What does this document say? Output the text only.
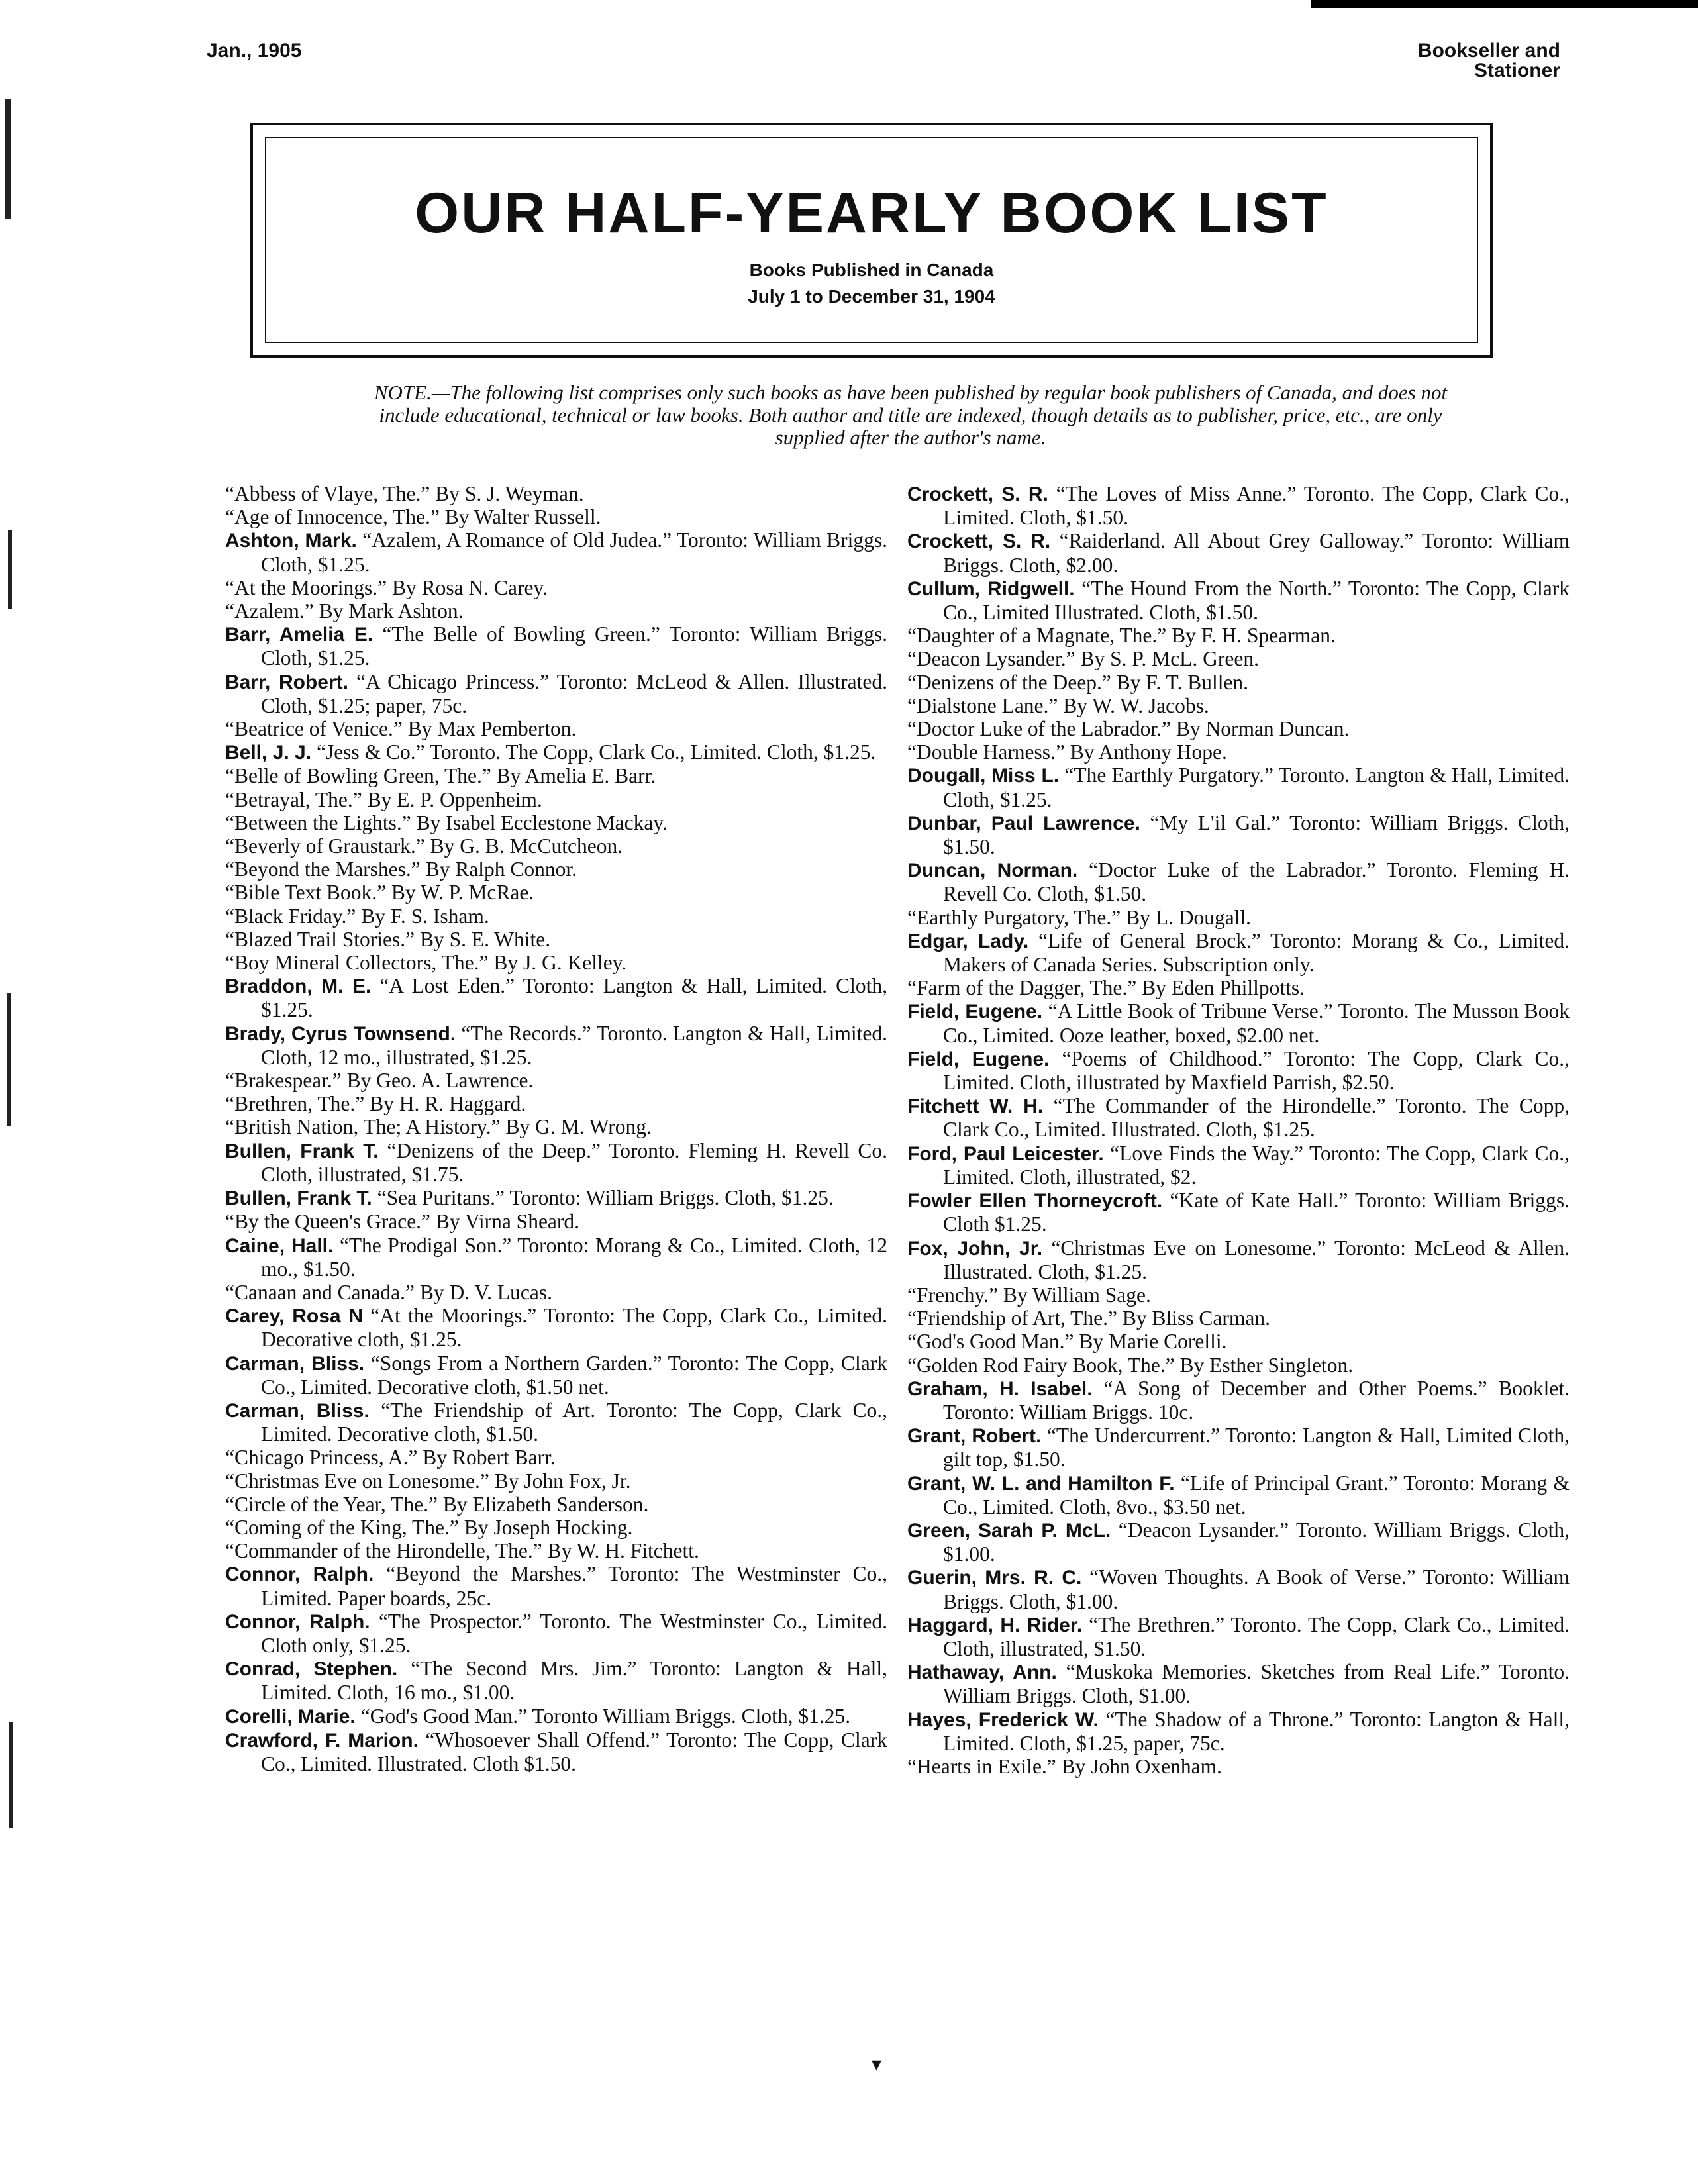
Jan., 1905	Bookseller and
Stationer
OUR HALF-YEARLY BOOK LIST
Books Published in Canada
July 1 to December 31, 1904
NOTE.—The following list comprises only such books as have been published by regular book publishers of Canada, and does not include educational, technical or law books. Both author and title are indexed, though details as to publisher, price, etc., are only supplied after the author's name.

“Abbess of Vlaye, The.” By S. J. Weyman.

“Age of Innocence, The.” By Walter Russell.

Ashton, Mark. “Azalem, A Romance of Old Judea.” Toronto: William Briggs. Cloth, $1.25.

“At the Moorings.” By Rosa N. Carey.

“Azalem.” By Mark Ashton.

Barr, Amelia E. “The Belle of Bowling Green.” Toronto: William Briggs. Cloth, $1.25.

Barr, Robert. “A Chicago Princess.” Toronto: McLeod & Allen. Illustrated. Cloth, $1.25; paper, 75c.

“Beatrice of Venice.” By Max Pemberton.

Bell, J. J. “Jess & Co.” Toronto. The Copp, Clark Co., Limited. Cloth, $1.25.

“Belle of Bowling Green, The.” By Amelia E. Barr.

“Betrayal, The.” By E. P. Oppenheim.

“Between the Lights.” By Isabel Ecclestone Mackay.

“Beverly of Graustark.” By G. B. McCutcheon.

“Beyond the Marshes.” By Ralph Connor.

“Bible Text Book.” By W. P. McRae.

“Black Friday.” By F. S. Isham.

“Blazed Trail Stories.” By S. E. White.

“Boy Mineral Collectors, The.” By J. G. Kelley.

Braddon, M. E. “A Lost Eden.” Toronto: Langton & Hall, Limited. Cloth, $1.25.

Brady, Cyrus Townsend. “The Records.” Toronto. Langton & Hall, Limited. Cloth, 12 mo., illustrated, $1.25.

“Brakespear.” By Geo. A. Lawrence.

“Brethren, The.” By H. R. Haggard.

“British Nation, The; A History.” By G. M. Wrong.

Bullen, Frank T. “Denizens of the Deep.” Toronto. Fleming H. Revell Co. Cloth, illustrated, $1.75.

Bullen, Frank T. “Sea Puritans.” Toronto: William Briggs. Cloth, $1.25.

“By the Queen's Grace.” By Virna Sheard.

Caine, Hall. “The Prodigal Son.” Toronto: Morang & Co., Limited. Cloth, 12 mo., $1.50.

“Canaan and Canada.” By D. V. Lucas.

Carey, Rosa N “At the Moorings.” Toronto: The Copp, Clark Co., Limited. Decorative cloth, $1.25.

Carman, Bliss. “Songs From a Northern Garden.” Toronto: The Copp, Clark Co., Limited. Decorative cloth, $1.50 net.

Carman, Bliss. “The Friendship of Art. Toronto: The Copp, Clark Co., Limited. Decorative cloth, $1.50.

“Chicago Princess, A.” By Robert Barr.

“Christmas Eve on Lonesome.” By John Fox, Jr.

“Circle of the Year, The.” By Elizabeth Sanderson.

“Coming of the King, The.” By Joseph Hocking.

“Commander of the Hirondelle, The.” By W. H. Fitchett.

Connor, Ralph. “Beyond the Marshes.” Toronto: The Westminster Co., Limited. Paper boards, 25c.

Connor, Ralph. “The Prospector.” Toronto. The Westminster Co., Limited. Cloth only, $1.25.

Conrad, Stephen. “The Second Mrs. Jim.” Toronto: Langton & Hall, Limited. Cloth, 16 mo., $1.00.

Corelli, Marie. “God's Good Man.” Toronto William Briggs. Cloth, $1.25.

Crawford, F. Marion. “Whosoever Shall Offend.” Toronto: The Copp, Clark Co., Limited. Illustrated. Cloth $1.50.

Crockett, S. R. “The Loves of Miss Anne.” Toronto. The Copp, Clark Co., Limited. Cloth, $1.50.

Crockett, S. R. “Raiderland. All About Grey Galloway.” Toronto: William Briggs. Cloth, $2.00.

Cullum, Ridgwell. “The Hound From the North.” Toronto: The Copp, Clark Co., Limited Illustrated. Cloth, $1.50.

“Daughter of a Magnate, The.” By F. H. Spearman.

“Deacon Lysander.” By S. P. McL. Green.

“Denizens of the Deep.” By F. T. Bullen.

“Dialstone Lane.” By W. W. Jacobs.

“Doctor Luke of the Labrador.” By Norman Duncan.

“Double Harness.” By Anthony Hope.

Dougall, Miss L. “The Earthly Purgatory.” Toronto. Langton & Hall, Limited. Cloth, $1.25.

Dunbar, Paul Lawrence. “My L'il Gal.” Toronto: William Briggs. Cloth, $1.50.

Duncan, Norman. “Doctor Luke of the Labrador.” Toronto. Fleming H. Revell Co. Cloth, $1.50.

“Earthly Purgatory, The.” By L. Dougall.

Edgar, Lady. “Life of General Brock.” Toronto: Morang & Co., Limited. Makers of Canada Series. Subscription only.

“Farm of the Dagger, The.” By Eden Phillpotts.

Field, Eugene. “A Little Book of Tribune Verse.” Toronto. The Musson Book Co., Limited. Ooze leather, boxed, $2.00 net.

Field, Eugene. “Poems of Childhood.” Toronto: The Copp, Clark Co., Limited. Cloth, illustrated by Maxfield Parrish, $2.50.

Fitchett W. H. “The Commander of the Hirondelle.” Toronto. The Copp, Clark Co., Limited. Illustrated. Cloth, $1.25.

Ford, Paul Leicester. “Love Finds the Way.” Toronto: The Copp, Clark Co., Limited. Cloth, illustrated, $2.

Fowler Ellen Thorneycroft. “Kate of Kate Hall.” Toronto: William Briggs. Cloth $1.25.

Fox, John, Jr. “Christmas Eve on Lonesome.” Toronto: McLeod & Allen. Illustrated. Cloth, $1.25.

“Frenchy.” By William Sage.

“Friendship of Art, The.” By Bliss Carman.

“God's Good Man.” By Marie Corelli.

“Golden Rod Fairy Book, The.” By Esther Singleton.

Graham, H. Isabel. “A Song of December and Other Poems.” Booklet. Toronto: William Briggs. 10c.

Grant, Robert. “The Undercurrent.” Toronto: Langton & Hall, Limited Cloth, gilt top, $1.50.

Grant, W. L. and Hamilton F. “Life of Principal Grant.” Toronto: Morang & Co., Limited. Cloth, 8vo., $3.50 net.

Green, Sarah P. McL. “Deacon Lysander.” Toronto. William Briggs. Cloth, $1.00.

Guerin, Mrs. R. C. “Woven Thoughts. A Book of Verse.” Toronto: William Briggs. Cloth, $1.00.

Haggard, H. Rider. “The Brethren.” Toronto. The Copp, Clark Co., Limited. Cloth, illustrated, $1.50.

Hathaway, Ann. “Muskoka Memories. Sketches from Real Life.” Toronto. William Briggs. Cloth, $1.00.

Hayes, Frederick W. “The Shadow of a Throne.” Toronto: Langton & Hall, Limited. Cloth, $1.25, paper, 75c.

“Hearts in Exile.” By John Oxenham.

▾
